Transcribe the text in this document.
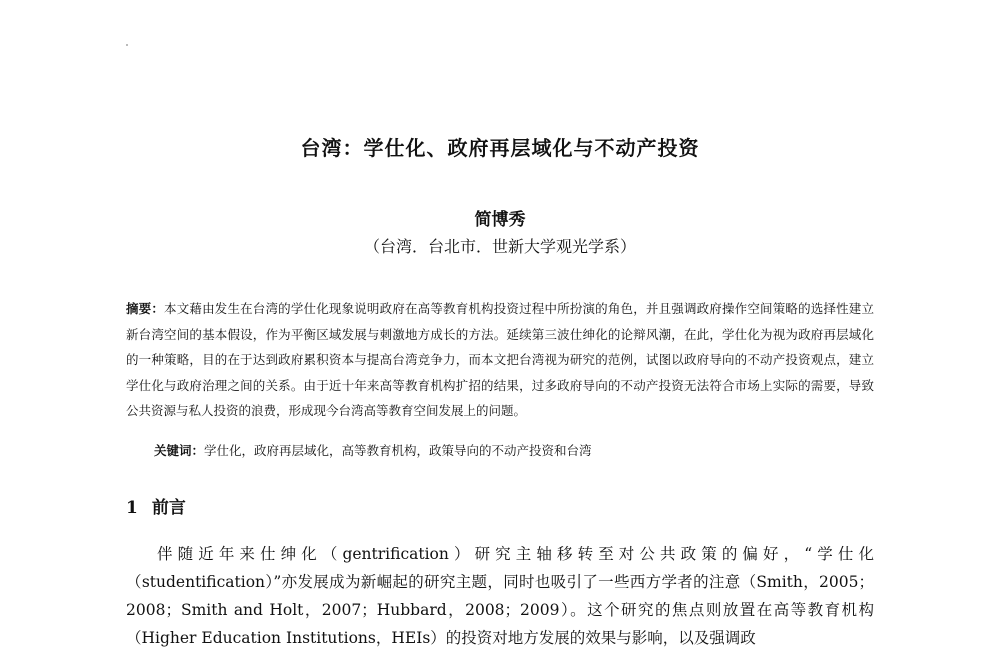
台湾：学仕化、政府再层域化与不动产投资
简博秀
（台湾．台北市．世新大学观光学系）
摘要：本文藉由发生在台湾的学仕化现象说明政府在高等教育机构投资过程中所扮演的角色，并且强调政府操作空间策略的选择性建立新台湾空间的基本假设，作为平衡区域发展与刺激地方成长的方法。延续第三波仕绅化的论辩风潮，在此，学仕化为视为政府再层域化的一种策略，目的在于达到政府累积资本与提高台湾竞争力，而本文把台湾视为研究的范例，试图以政府导向的不动产投资观点，建立学仕化与政府治理之间的关系。由于近十年来高等教育机构扩招的结果，过多政府导向的不动产投资无法符合市场上实际的需要，导致公共资源与私人投资的浪费，形成现今台湾高等教育空间发展上的问题。
关键词：学仕化，政府再层域化，高等教育机构，政策导向的不动产投资和台湾
1 前言
伴随近年来仕绅化（gentrification）研究主轴移转至对公共政策的偏好，“学仕化（studentification）”亦发展成为新崛起的研究主题，同时也吸引了一些西方学者的注意（Smith，2005；2008；Smith and Holt，2007；Hubbard，2008；2009）。这个研究的焦点则放置在高等教育机构（Higher Education Institutions，HEIs）的投资对地方发展的效果与影响，以及强调政
